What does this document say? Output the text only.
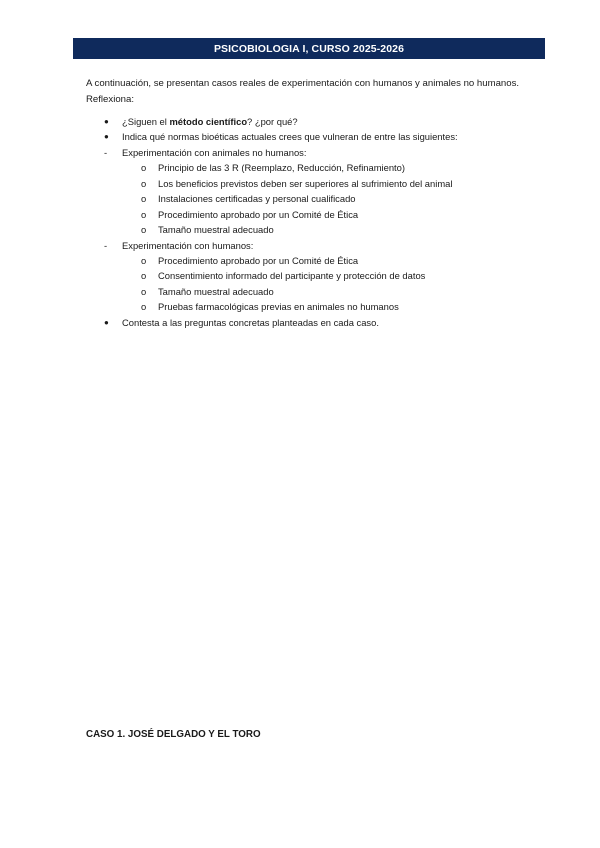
PSICOBIOLOGIA I, CURSO 2025-2026
A continuación, se presentan casos reales de experimentación con humanos y animales no humanos. Reflexiona:
● ¿Siguen el método científico? ¿por qué?
● Indica qué normas bioéticas actuales crees que vulneran de entre las siguientes:
- Experimentación con animales no humanos:
o Principio de las 3 R (Reemplazo, Reducción, Refinamiento)
o Los beneficios previstos deben ser superiores al sufrimiento del animal
o Instalaciones certificadas y personal cualificado
o Procedimiento aprobado por un Comité de Ética
o Tamaño muestral adecuado
- Experimentación con humanos:
o Procedimiento aprobado por un Comité de Ética
o Consentimiento informado del participante y protección de datos
o Tamaño muestral adecuado
o Pruebas farmacológicas previas en animales no humanos
● Contesta a las preguntas concretas planteadas en cada caso.
CASO 1. JOSÉ DELGADO Y EL TORO
